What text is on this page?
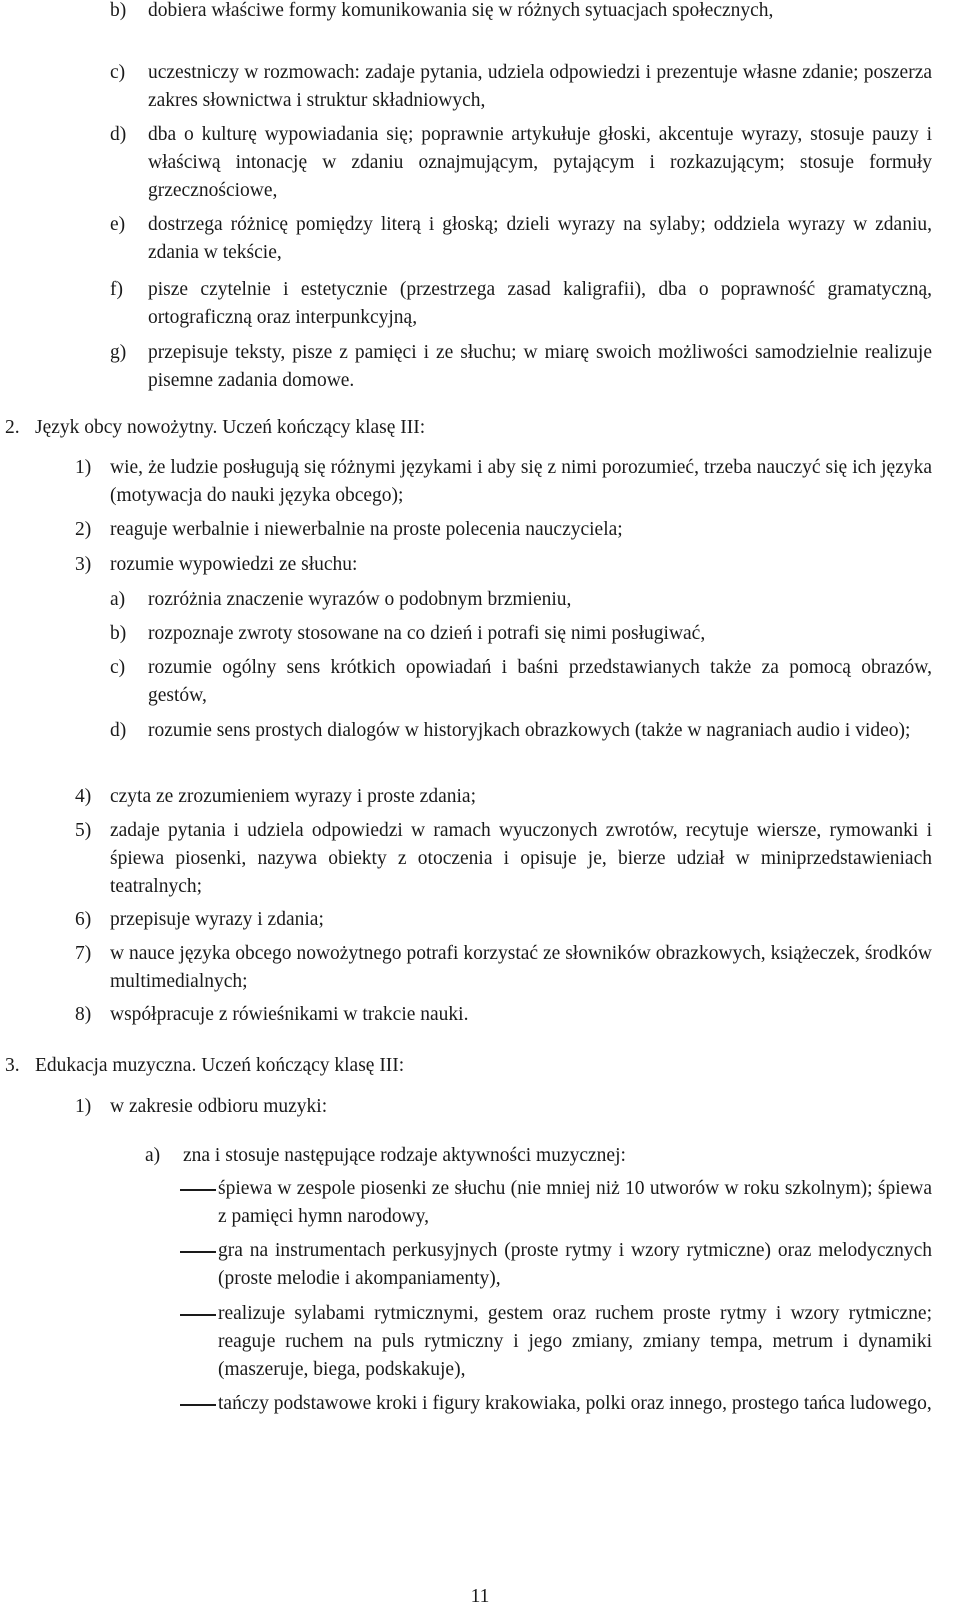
b)	dobiera właściwe formy komunikowania się w różnych sytuacjach społecznych,
c)	uczestniczy w rozmowach: zadaje pytania, udziela odpowiedzi i prezentuje własne zdanie; poszerza zakres słownictwa i struktur składniowych,
d)	dba o kulturę wypowiadania się; poprawnie artykułuje głoski, akcentuje wyrazy, stosuje pauzy i właściwą intonację w zdaniu oznajmującym, pytającym i rozkazującym; stosuje formuły grzecznościowe,
e)	dostrzega różnicę pomiędzy literą i głoską; dzieli wyrazy na sylaby; oddziela wyrazy w zdaniu, zdania w tekście,
f)	pisze czytelnie i estetycznie (przestrzega zasad kaligrafii), dba o poprawność gramatyczną, ortograficzną oraz interpunkcyjną,
g)	przepisuje teksty, pisze z pamięci i ze słuchu; w miarę swoich możliwości samodzielnie realizuje pisemne zadania domowe.
2. Język obcy nowożytny. Uczeń kończący klasę III:
1) wie, że ludzie posługują się różnymi językami i aby się z nimi porozumieć, trzeba nauczyć się ich języka (motywacja do nauki języka obcego);
2) reaguje werbalnie i niewerbalnie na proste polecenia nauczyciela;
3) rozumie wypowiedzi ze słuchu:
a)	rozróżnia znaczenie wyrazów o podobnym brzmieniu,
b)	rozpoznaje zwroty stosowane na co dzień i potrafi się nimi posługiwać,
c)	rozumie ogólny sens krótkich opowiadań i baśni przedstawianych także za pomocą obrazów, gestów,
d)	rozumie sens prostych dialogów w historyjkach obrazkowych (także w nagraniach audio i video);
4) czyta ze zrozumieniem wyrazy i proste zdania;
5) zadaje pytania i udziela odpowiedzi w ramach wyuczonych zwrotów, recytuje wiersze, rymowanki i śpiewa piosenki, nazywa obiekty z otoczenia i opisuje je, bierze udział w miniprzedstawieniach teatralnych;
6) przepisuje wyrazy i zdania;
7) w nauce języka obcego nowożytnego potrafi korzystać ze słowników obrazkowych, książeczek, środków multimedialnych;
8) współpracuje z rówieśnikami w trakcie nauki.
3. Edukacja muzyczna. Uczeń kończący klasę III:
1) w zakresie odbioru muzyki:
a)	zna i stosuje następujące rodzaje aktywności muzycznej:
śpiewa w zespole piosenki ze słuchu (nie mniej niż 10 utworów w roku szkolnym); śpiewa z pamięci hymn narodowy,
gra na instrumentach perkusyjnych (proste rytmy i wzory rytmiczne) oraz melodycznych (proste melodie i akompaniamenty),
realizuje sylabami rytmicznymi, gestem oraz ruchem proste rytmy i wzory rytmiczne; reaguje ruchem na puls rytmiczny i jego zmiany, zmiany tempa, metrum i dynamiki (maszeruje, biega, podskakuje),
tańczy podstawowe kroki i figury krakowiaka, polki oraz innego, prostego tańca ludowego,
11
